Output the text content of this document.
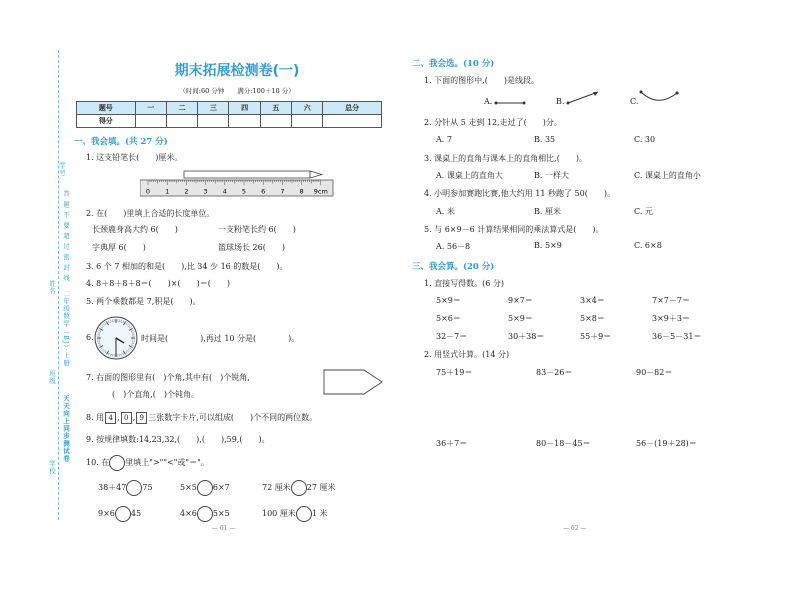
学号
答 题 不 要 超 过 密 封 线
二年级数学（BJ）·上册
姓名
班级
天天向上同步测试卷
学校
期末拓展检测卷(一)
（时间:60 分钟　　满分:100＋10 分）
题号	一	二	三	四	五	六	总分
得分							
一、我会填。(共 27 分)
1. 这支铅笔长(　　)厘米。
0 1 2 3 4 5 6 7 8 9cm
2. 在(　　)里填上合适的长度单位。
长颈鹿身高大约 6(　　)	一支粉笔长约 6(　　)
字典厚 6(　　)	篮球场长 26(　　)
3. 6 个 7 相加的和是(　　),比 34 少 16 的数是(　　)。
4. 8＋8＋8＋8＝(　　)×(　　)＝(　　)
5. 两个乘数都是 7,积是(　　)。
6.	时间是(　　　　),再过 10 分是(　　　　)。
7. 右面的图形里有(　)个角,其中有(　)个锐角,
(　)个直角,(　)个钝角。
8. 用 4 , 0 , 9 三张数字卡片,可以组成(　　)个不同的两位数。
9. 按规律填数:14,23,32,(　　),(　　),59,(　　)。
10. 在 里填上">""<"或"＝"。
38＋47 75	5×5 6×7	72 厘米 27 厘米
9×6 45	4×6 5×5	100 厘米 1 米
— 61 —
二、我会选。(10 分)
1. 下面的图形中,(　　)是线段。
A.	B.	C.
2. 分针从 5 走到 12,走过了(　　)分。
A. 7	B. 35	C. 30
3. 课桌上的直角与课本上的直角相比,(　　)。
A. 课桌上的直角大	B. 一样大	C. 课桌上的直角小
4. 小明参加赛跑比赛,他大约用 11 秒跑了 50(　　)。
A. 米	B. 厘米	C. 元
5. 与 6×9－6 计算结果相同的乘法算式是(　　)。
A. 56－8	B. 5×9	C. 6×8
三、我会算。(20 分)
1. 直接写得数。(6 分)
5×9＝	9×7＝	3×4＝	7×7－7＝
5×6＝	5×9＝	5×8＝	3×9＋3＝
32－7＝	30＋38＝	55＋9＝	36－5－31＝
2. 用竖式计算。(14 分)
75＋19＝	83－26＝	90－82＝
36＋7＝	80－18－45＝	56－(19＋28)＝
— 62 —
